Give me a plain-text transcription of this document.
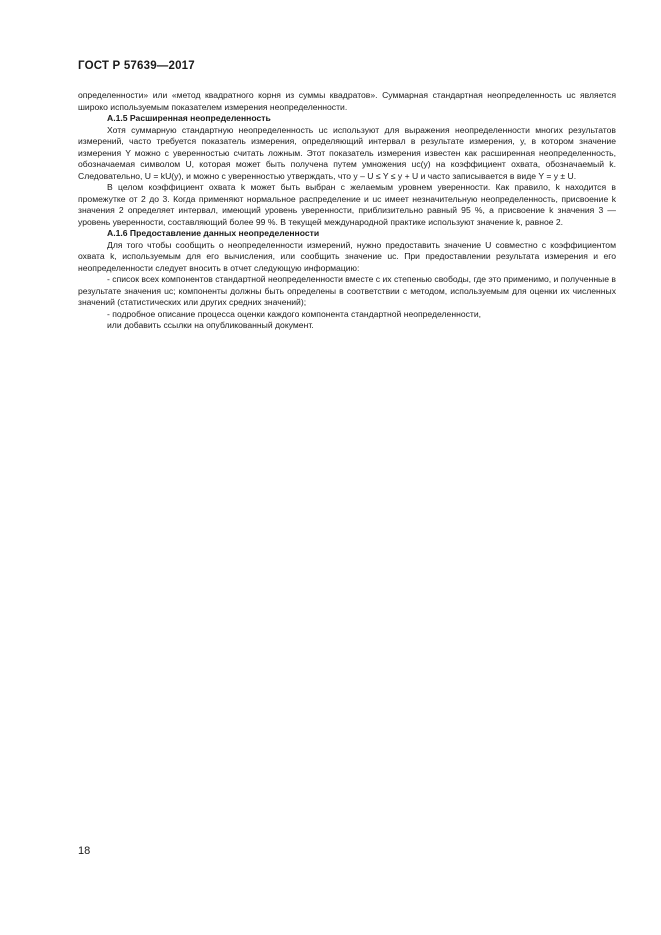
ГОСТ Р 57639—2017

определенности» или «метод квадратного корня из суммы квадратов». Суммарная стандартная неопределенность uc является широко используемым показателем измерения неопределенности.

А.1.5 Расширенная неопределенность

Хотя суммарную стандартную неопределенность uc используют для выражения неопределенности многих результатов измерений, часто требуется показатель измерения, определяющий интервал в результате измерения, y, в котором значение измерения Y можно с уверенностью считать ложным. Этот показатель измерения известен как расширенная неопределенность, обозначаемая символом U, которая может быть получена путем умножения uc(y) на коэффициент охвата, обозначаемый k. Следовательно, U = kU(y), и можно с уверенностью утверждать, что y – U ≤ Y ≤ y + U и часто записывается в виде Y = y ± U.

В целом коэффициент охвата k может быть выбран с желаемым уровнем уверенности. Как правило, k находится в промежутке от 2 до 3. Когда применяют нормальное распределение и uc имеет незначительную неопределенность, присвоение k значения 2 определяет интервал, имеющий уровень уверенности, приблизительно равный 95 %, а присвоение k значения 3 — уровень уверенности, составляющий более 99 %. В текущей международной практике используют значение k, равное 2.

А.1.6 Предоставление данных неопределенности

Для того чтобы сообщить о неопределенности измерений, нужно предоставить значение U совместно с коэффициентом охвата k, используемым для его вычисления, или сообщить значение uc. При предоставлении результата измерения и его неопределенности следует вносить в отчет следующую информацию:

- список всех компонентов стандартной неопределенности вместе с их степенью свободы, где это применимо, и полученные в результате значения uc; компоненты должны быть определены в соответствии с методом, используемым для оценки их численных значений (статистических или других средних значений);

- подробное описание процесса оценки каждого компонента стандартной неопределенности,

или добавить ссылки на опубликованный документ.

18
